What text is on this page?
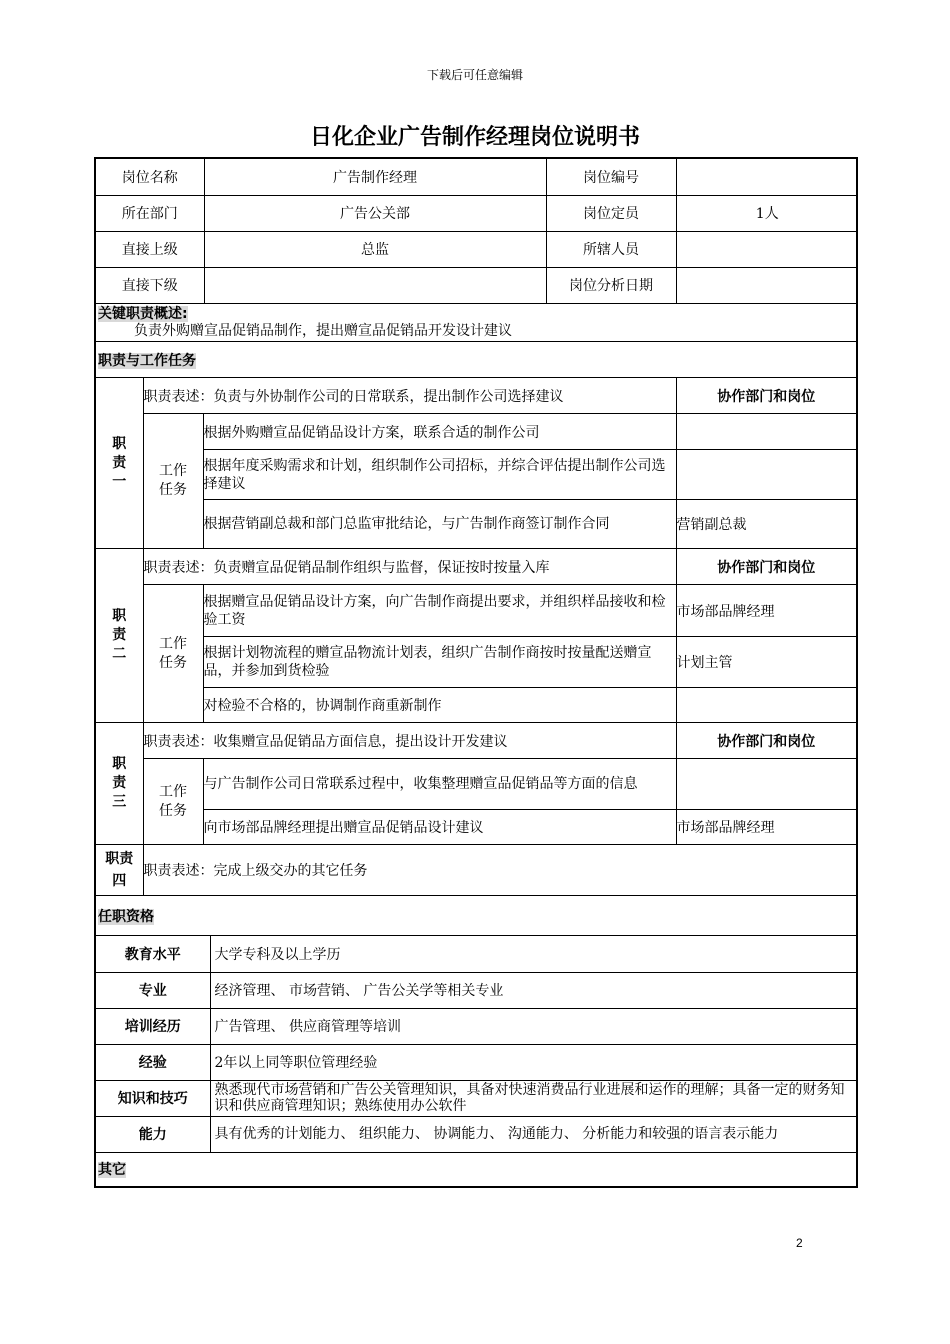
下载后可任意编辑
日化企业广告制作经理岗位说明书
岗位名称	广告制作经理	岗位编号	
所在部门	广告公关部	岗位定员	1人
直接上级	总监	所辖人员	
直接下级		岗位分析日期	

关键职责概述:
负责外购赠宣品促销品制作，提出赠宣品促销品开发设计建议

职责与工作任务

职责一
	职责表述：负责与外协制作公司的日常联系，提出制作公司选择建议	协作部门和岗位

工作任务
	根据外购赠宣品促销品设计方案，联系合适的制作公司	
根据年度采购需求和计划，组织制作公司招标，并综合评估提出制作公司选择建议	
根据营销副总裁和部门总监审批结论，与广告制作商签订制作合同	营销副总裁

职责二
	职责表述：负责赠宣品促销品制作组织与监督，保证按时按量入库	协作部门和岗位

工作任务
	根据赠宣品促销品设计方案，向广告制作商提出要求，并组织样品接收和检验工资	市场部品牌经理
根据计划物流程的赠宣品物流计划表，组织广告制作商按时按量配送赠宣品，并参加到货检验	计划主管
对检验不合格的，协调制作商重新制作	

职责三
	职责表述：收集赠宣品促销品方面信息，提出设计开发建议	协作部门和岗位

工作任务
	与广告制作公司日常联系过程中，收集整理赠宣品促销品等方面的信息	
向市场部品牌经理提出赠宣品促销品设计建议	市场部品牌经理

职责四
	职责表述：完成上级交办的其它任务
任职资格

教育水平	大学专科及以上学历
专业	经济管理、 市场营销、 广告公关学等相关专业
培训经历	广告管理、 供应商管理等培训
经验	2年以上同等职位管理经验
知识和技巧	熟悉现代市场营销和广告公关管理知识，具备对快速消费品行业进展和运作的理解；具备一定的财务知识和供应商管理知识；熟练使用办公软件
能力	具有优秀的计划能力、 组织能力、 协调能力、 沟通能力、 分析能力和较强的语言表示能力

其它
2
